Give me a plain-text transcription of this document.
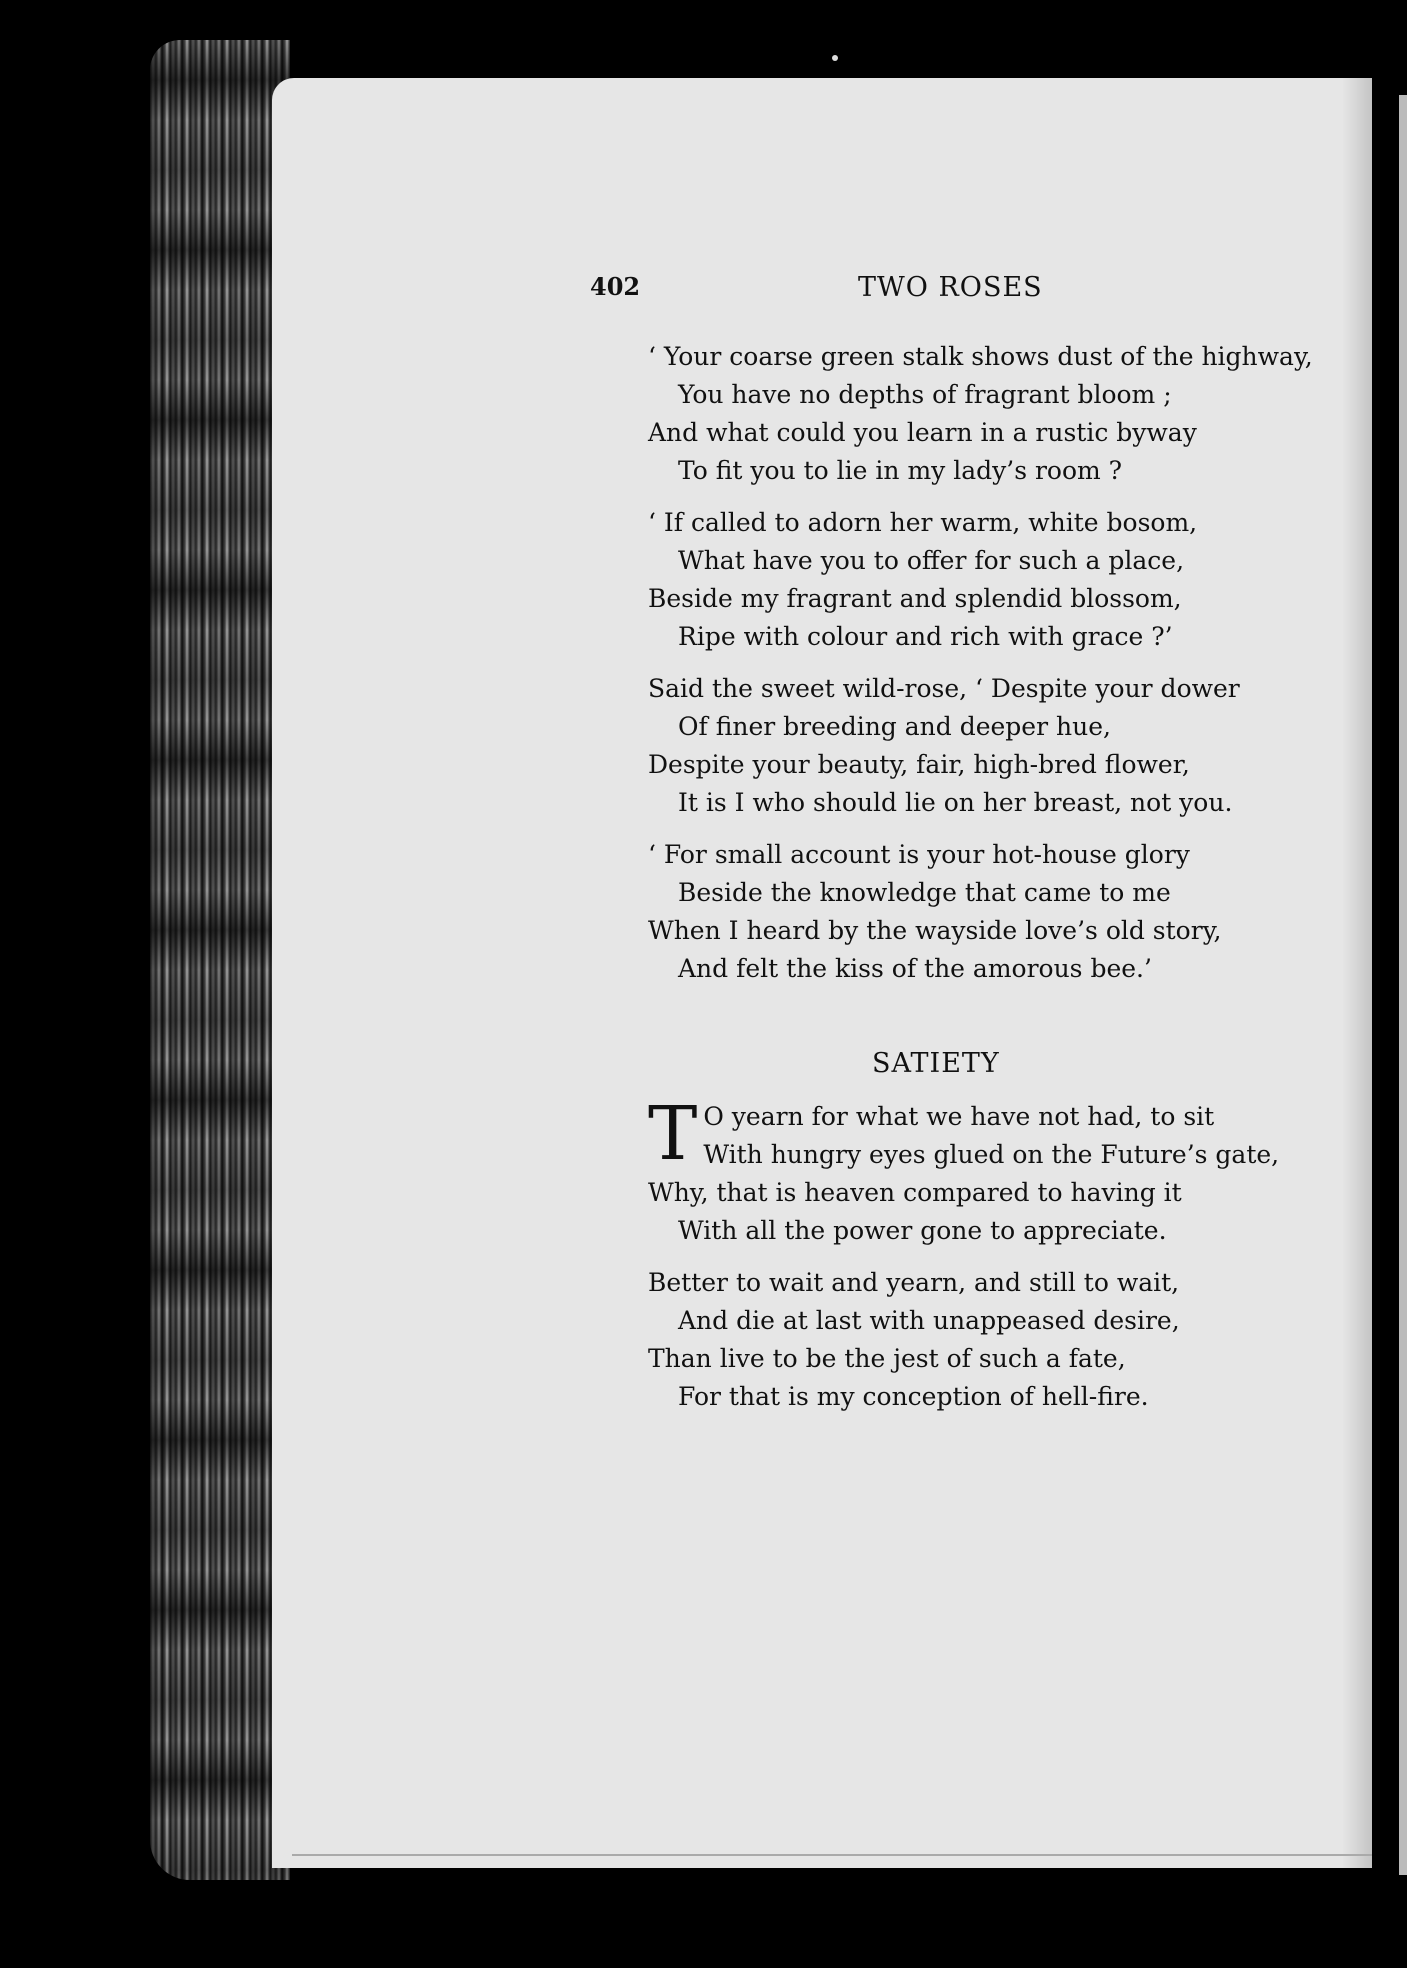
402	TWO ROSES
‘ Your coarse green stalk shows dust of the highway,
You have no depths of fragrant bloom ;
And what could you learn in a rustic byway
To fit you to lie in my lady’s room ?
‘ If called to adorn her warm, white bosom,
What have you to offer for such a place,
Beside my fragrant and splendid blossom,
Ripe with colour and rich with grace ?’
Said the sweet wild-rose, ‘ Despite your dower
Of finer breeding and deeper hue,
Despite your beauty, fair, high-bred flower,
It is I who should lie on her breast, not you.
‘ For small account is your hot-house glory
Beside the knowledge that came to me
When I heard by the wayside love’s old story,
And felt the kiss of the amorous bee.’
SATIETY
T O yearn for what we have not had, to sit
With hungry eyes glued on the Future’s gate,
Why, that is heaven compared to having it
With all the power gone to appreciate.
Better to wait and yearn, and still to wait,
And die at last with unappeased desire,
Than live to be the jest of such a fate,
For that is my conception of hell-fire.
